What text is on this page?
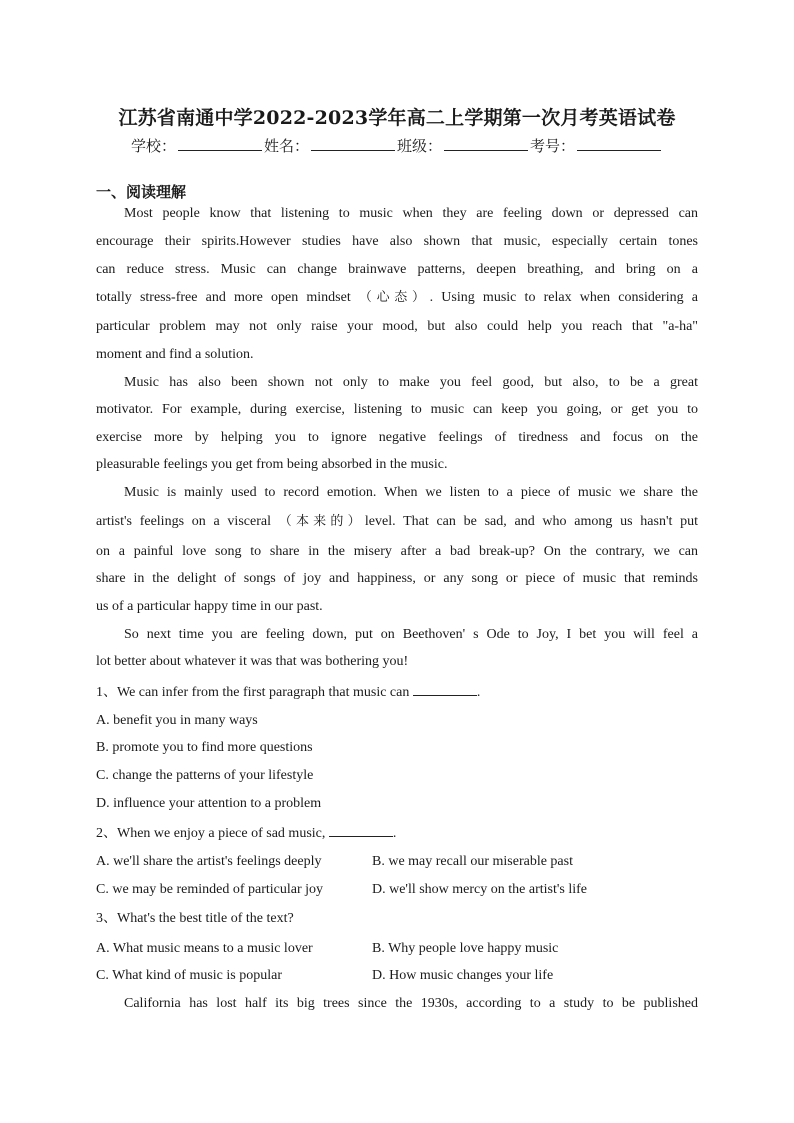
江苏省南通中学2022-2023学年高二上学期第一次月考英语试卷
学校：	姓名：	班级：	考号：
一、阅读理解
Most people know that listening to music when they are feeling down or depressed can
encourage their spirits.However studies have also shown that music, especially certain tones
can reduce stress. Music can change brainwave patterns, deepen breathing, and bring on a
totally stress-free and more open mindset （心态）. Using music to relax when considering a
particular problem may not only raise your mood, but also could help you reach that "a-ha"
moment and find a solution.
Music has also been shown not only to make you feel good, but also, to be a great
motivator. For example, during exercise, listening to music can keep you going, or get you to
exercise more by helping you to ignore negative feelings of tiredness and focus on the
pleasurable feelings you get from being absorbed in the music.
Music is mainly used to record emotion. When we listen to a piece of music we share the
artist's feelings on a visceral （本来的）level. That can be sad, and who among us hasn't put
on a painful love song to share in the misery after a bad break-up? On the contrary, we can
share in the delight of songs of joy and happiness, or any song or piece of music that reminds
us of a particular happy time in our past.
So next time you are feeling down, put on Beethoven' s Ode to Joy, I bet you will feel a
lot better about whatever it was that was bothering you!
1、We can infer from the first paragraph that music can	.
A. benefit you in many ways
B. promote you to find more questions
C. change the patterns of your lifestyle
D. influence your attention to a problem
2、When we enjoy a piece of sad music,	.
A. we'll share the artist's feelings deeply	B. we may recall our miserable past
C. we may be reminded of particular joy	D. we'll show mercy on the artist's life
3、What's the best title of the text?
A. What music means to a music lover	B. Why people love happy music
C. What kind of music is popular	D. How music changes your life
California has lost half its big trees since the 1930s, according to a study to be published
